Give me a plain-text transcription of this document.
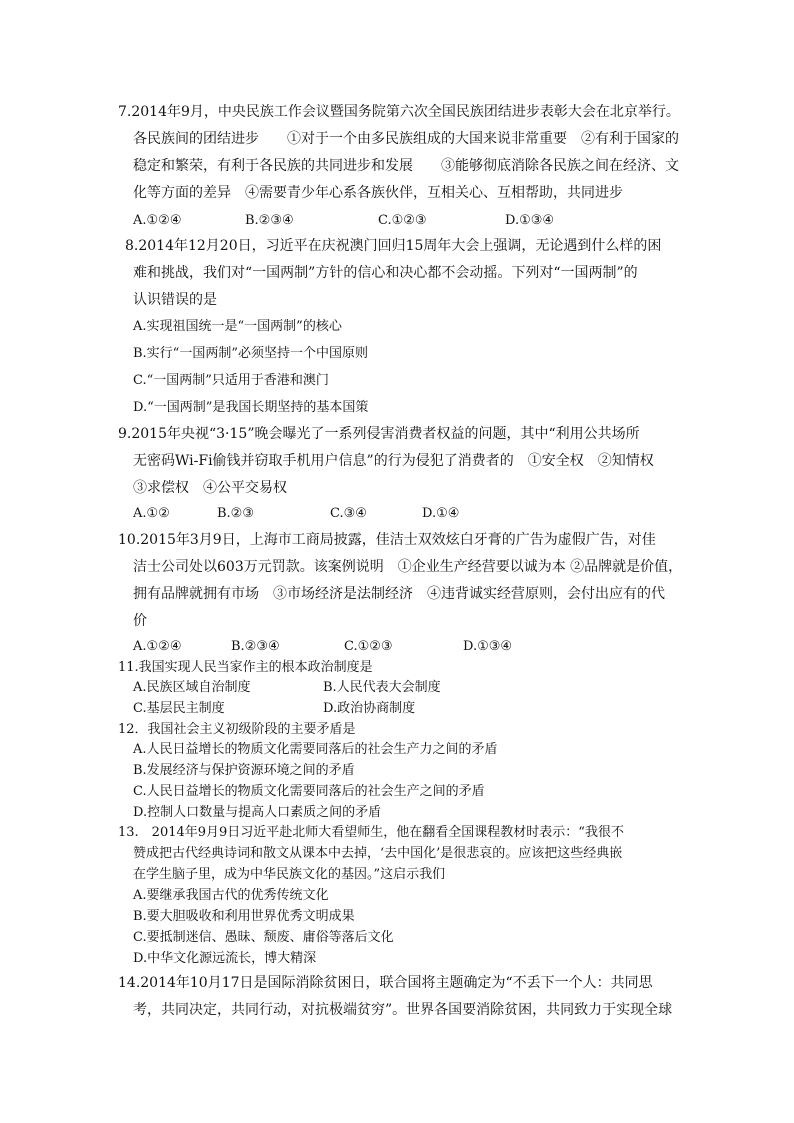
7.2014年9月，中央民族工作会议暨国务院第六次全国民族团结进步表彰大会在北京举行。
各民族间的团结进步　　①对于一个由多民族组成的大国来说非常重要　②有利于国家的
稳定和繁荣，有利于各民族的共同进步和发展　　③能够彻底消除各民族之间在经济、文
化等方面的差异　④需要青少年心系各族伙伴，互相关心、互相帮助，共同进步
A.①②④	B.②③④	C.①②③	D.①③④
8.2014年12月20日，习近平在庆祝澳门回归15周年大会上强调，无论遇到什么样的困
难和挑战，我们对“一国两制”方针的信心和决心都不会动摇。下列对“一国两制”的
认识错误的是
A.实现祖国统一是“一国两制”的核心
B.实行“一国两制”必须坚持一个中国原则
C.“一国两制”只适用于香港和澳门
D.“一国两制”是我国长期坚持的基本国策
9.2015年央视“3·15”晚会曝光了一系列侵害消费者权益的问题，其中“利用公共场所
无密码Wi-Fi偷钱并窃取手机用户信息”的行为侵犯了消费者的　①安全权　②知情权
③求偿权　④公平交易权
A.①②	B.②③	C.③④	D.①④
10.2015年3月9日，上海市工商局披露，佳洁士双效炫白牙膏的广告为虚假广告，对佳
洁士公司处以603万元罚款。该案例说明　①企业生产经营要以诚为本 ②品牌就是价值，
拥有品牌就拥有市场　③市场经济是法制经济　④违背诚实经营原则，会付出应有的代
价
A.①②④	B.②③④	C.①②③	D.①③④
11.我国实现人民当家作主的根本政治制度是
A.民族区域自治制度	B.人民代表大会制度
C.基层民主制度	D.政治协商制度
12．我国社会主义初级阶段的主要矛盾是
A.人民日益增长的物质文化需要同落后的社会生产力之间的矛盾
B.发展经济与保护资源环境之间的矛盾
C.人民日益增长的物质文化需要同落后的社会生产之间的矛盾
D.控制人口数量与提高人口素质之间的矛盾
13.　2014年9月9日习近平赴北师大看望师生，他在翻看全国课程教材时表示：“我很不
赞成把古代经典诗词和散文从课本中去掉，‘去中国化’是很悲哀的。应该把这些经典嵌
在学生脑子里，成为中华民族文化的基因。”这启示我们
A.要继承我国古代的优秀传统文化
B.要大胆吸收和利用世界优秀文明成果
C.要抵制迷信、愚昧、颓废、庸俗等落后文化
D.中华文化源远流长，博大精深
14.2014年10月17日是国际消除贫困日，联合国将主题确定为“不丢下一个人：共同思
考，共同决定，共同行动，对抗极端贫穷”。世界各国要消除贫困，共同致力于实现全球
